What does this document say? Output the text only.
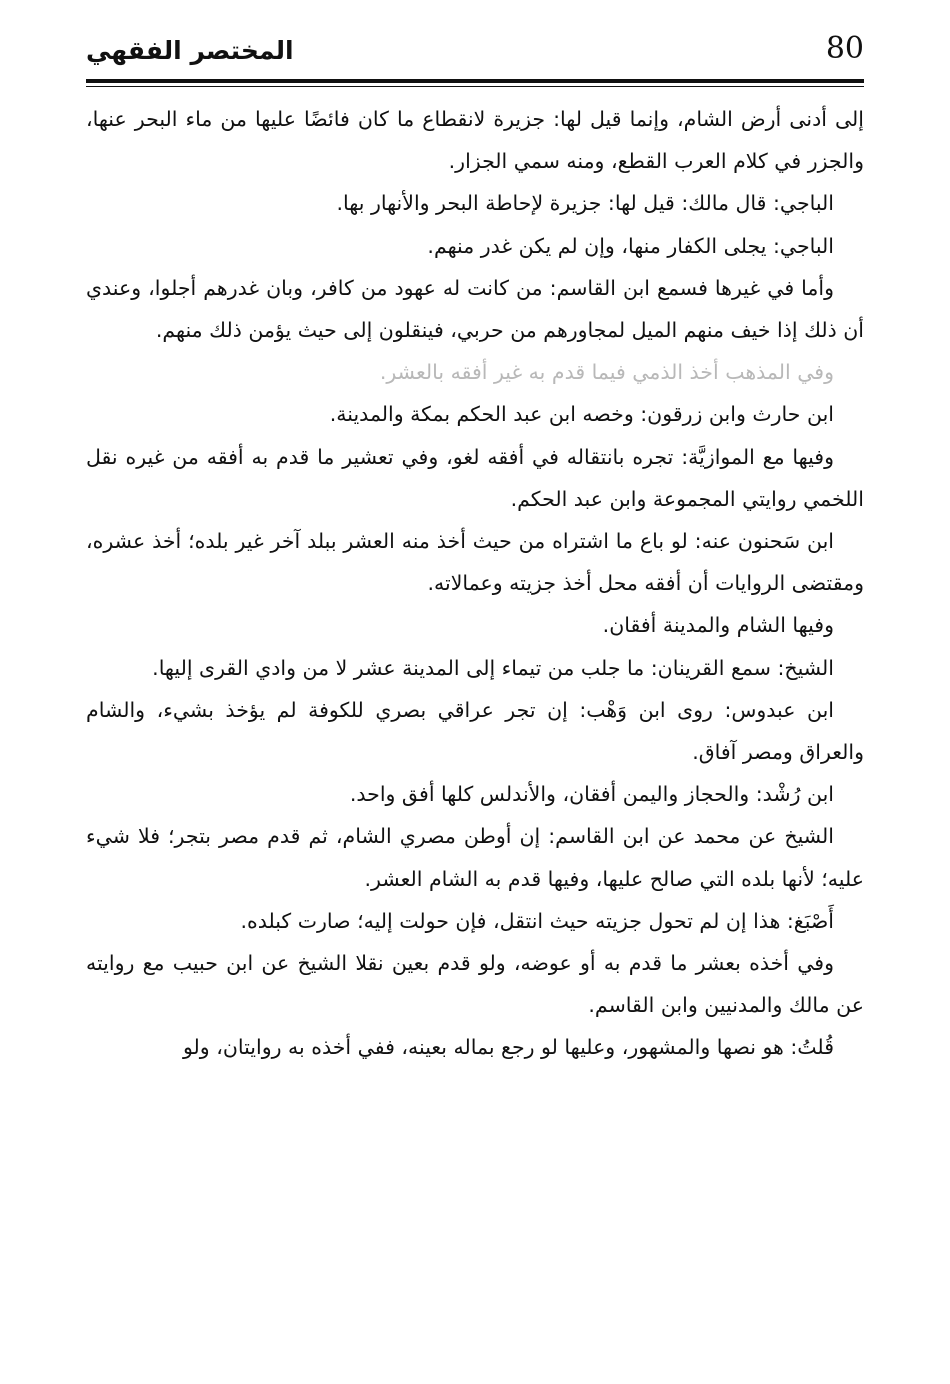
المختصر الفقهي	80

إلى أدنى أرض الشام، وإنما قيل لها: جزيرة لانقطاع ما كان فائضًا عليها من ماء البحر عنها، والجزر في كلام العرب القطع، ومنه سمي الجزار.

الباجي: قال مالك: قيل لها: جزيرة لإحاطة البحر والأنهار بها.

الباجي: يجلى الكفار منها، وإن لم يكن غدر منهم.

وأما في غيرها فسمع ابن القاسم: من كانت له عهود من كافر، وبان غدرهم أجلوا، وعندي أن ذلك إذا خيف منهم الميل لمجاورهم من حربي، فينقلون إلى حيث يؤمن ذلك منهم.

وفي المذهب أخذ الذمي فيما قدم به غير أفقه بالعشر.

ابن حارث وابن زرقون: وخصه ابن عبد الحكم بمكة والمدينة.

وفيها مع الموازيَّة: تجره بانتقاله في أفقه لغو، وفي تعشير ما قدم به أفقه من غيره نقل اللخمي روايتي المجموعة وابن عبد الحكم.

ابن سَحنون عنه: لو باع ما اشتراه من حيث أخذ منه العشر ببلد آخر غير بلده؛ أخذ عشره، ومقتضى الروايات أن أفقه محل أخذ جزيته وعمالاته.

وفيها الشام والمدينة أفقان.

الشيخ: سمع القرينان: ما جلب من تيماء إلى المدينة عشر لا من وادي القرى إليها.

ابن عبدوس: روى ابن وَهْب: إن تجر عراقي بصري للكوفة لم يؤخذ بشيء، والشام والعراق ومصر آفاق.

ابن رُشْد: والحجاز واليمن أفقان، والأندلس كلها أفق واحد.

الشيخ عن محمد عن ابن القاسم: إن أوطن مصري الشام، ثم قدم مصر بتجر؛ فلا شيء عليه؛ لأنها بلده التي صالح عليها، وفيها قدم به الشام العشر.

أَصْبَغ: هذا إن لم تحول جزيته حيث انتقل، فإن حولت إليه؛ صارت كبلده.

وفي أخذه بعشر ما قدم به أو عوضه، ولو قدم بعين نقلا الشيخ عن ابن حبيب مع روايته عن مالك والمدنيين وابن القاسم.

قُلتُ: هو نصها والمشهور، وعليها لو رجع بماله بعينه، ففي أخذه به روايتان، ولو
